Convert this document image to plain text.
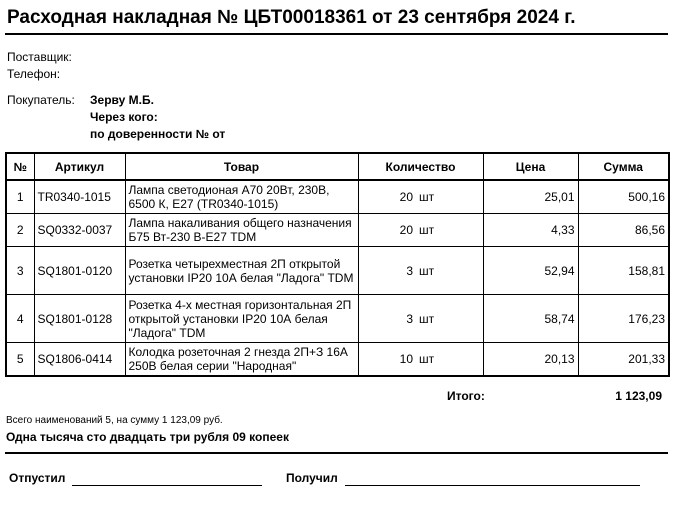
Расходная накладная № ЦБТ00018361 от 23 сентября 2024 г.
Поставщик:
Телефон:
Покупатель: Зерву М.Б.
Через кого:
по доверенности № от
№	Артикул	Товар	Количество		Цена	Сумма
1	TR0340-1015	Лампа светодионая A70 20Вт, 230В, 6500 К, E27 (TR0340-1015)	20	шт	25,01	500,16
2	SQ0332-0037	Лампа накаливания общего назначения Б75 Вт-230 В-Е27 TDM	20	шт	4,33	86,56
3	SQ1801-0120	Розетка четырехместная 2П открытой установки IP20 10А белая "Ладога" TDM	3	шт	52,94	158,81
4	SQ1801-0128	Розетка 4-х местная горизонтальная 2П открытой установки IP20 10А белая "Ладога" TDM	3	шт	58,74	176,23
5	SQ1806-0414	Колодка розеточная 2 гнезда 2П+З 16А 250В белая серии "Народная"	10	шт	20,13	201,33
Итого:	1 123,09
Всего наименований 5, на сумму 1 123,09 руб.
Одна тысяча сто двадцать три рубля 09 копеек
Отпустил	Получил
